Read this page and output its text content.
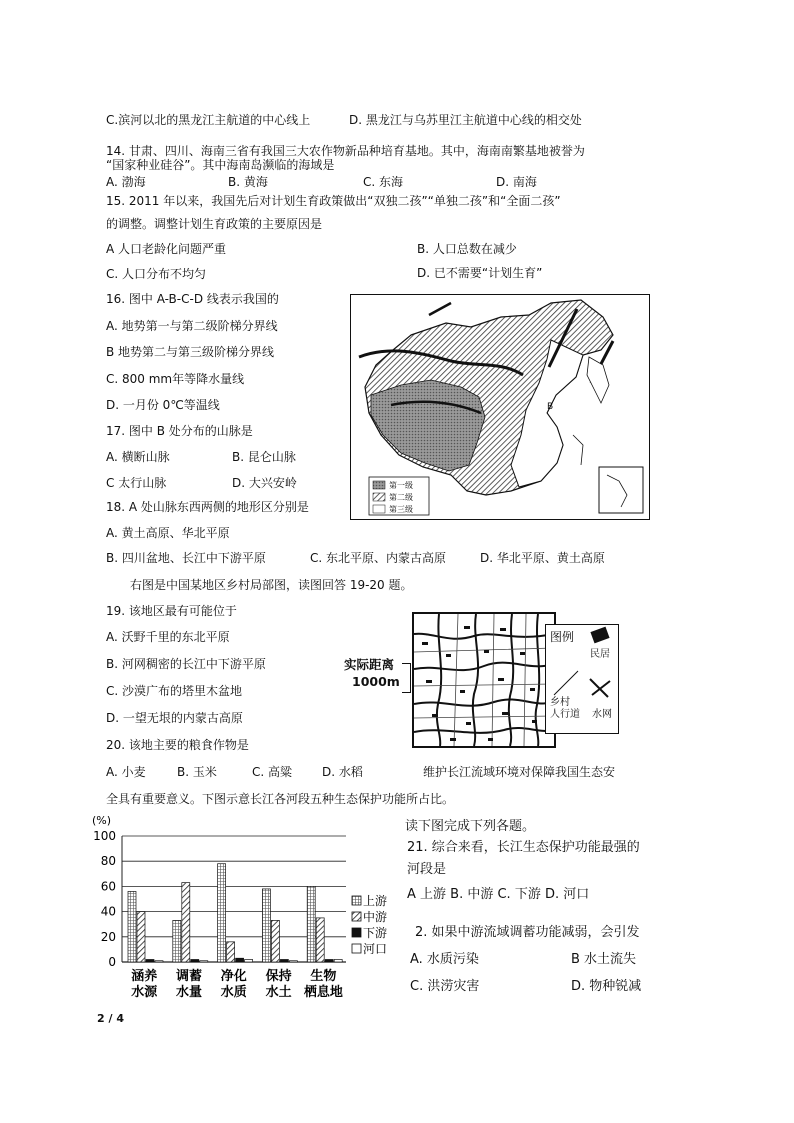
C.滨河以北的黑龙江主航道的中心线上	D. 黑龙江与乌苏里江主航道中心线的相交处
14. 甘肃、四川、海南三省有我国三大农作物新品种培育基地。其中，海南南繁基地被誉为
“国家种业硅谷”。其中海南岛濒临的海域是
A. 渤海	B. 黄海	C. 东海	D. 南海
15. 2011 年以来，我国先后对计划生育政策做出“双独二孩”“单独二孩”和“全面二孩”
的调整。调整计划生育政策的主要原因是
A 人口老龄化问题严重	B. 人口总数在减少
C. 人口分布不均匀	D. 已不需要“计划生育”
16. 图中 A-B-C-D 线表示我国的
A. 地势第一与第二级阶梯分界线
B 地势第二与第三级阶梯分界线
C. 800 mm年等降水量线
D. 一月份 0℃等温线
17. 图中 B 处分布的山脉是
A. 横断山脉	B. 昆仑山脉
C 太行山脉	D. 大兴安岭
18. A 处山脉东西两侧的地形区分别是
A. 黄土高原、华北平原
B. 四川盆地、长江中下游平原	C. 东北平原、内蒙古高原	D. 华北平原、黄土高原
B
第一级
第二级
第三级
右图是中国某地区乡村局部图，读图回答 19-20 题。
19. 该地区最有可能位于
A. 沃野千里的东北平原
B. 河网稠密的长江中下游平原
C. 沙漠广布的塔里木盆地
D. 一望无垠的内蒙古高原
实际距离
1000m
图例
民居
乡村
人行道 水网
20. 该地主要的粮食作物是
A. 小麦	B. 玉米	C. 高粱 D. 水稻	维护长江流域环境对保障我国生态安
全具有重要意义。下图示意长江各河段五种生态保护功能所占比。
(%)
0
20
40
60
80
100
涵养
水源
调蓄
水量
净化
水质
保持
水土
生物
栖息地
上游
中游
下游
河口
读下图完成下列各题。
21. 综合来看，长江生态保护功能最强的
河段是
A 上游 B. 中游 C. 下游 D. 河口
2. 如果中游流域调蓄功能减弱，会引发
A. 水质污染	B 水土流失
C. 洪涝灾害	D. 物种锐减
2 / 4
